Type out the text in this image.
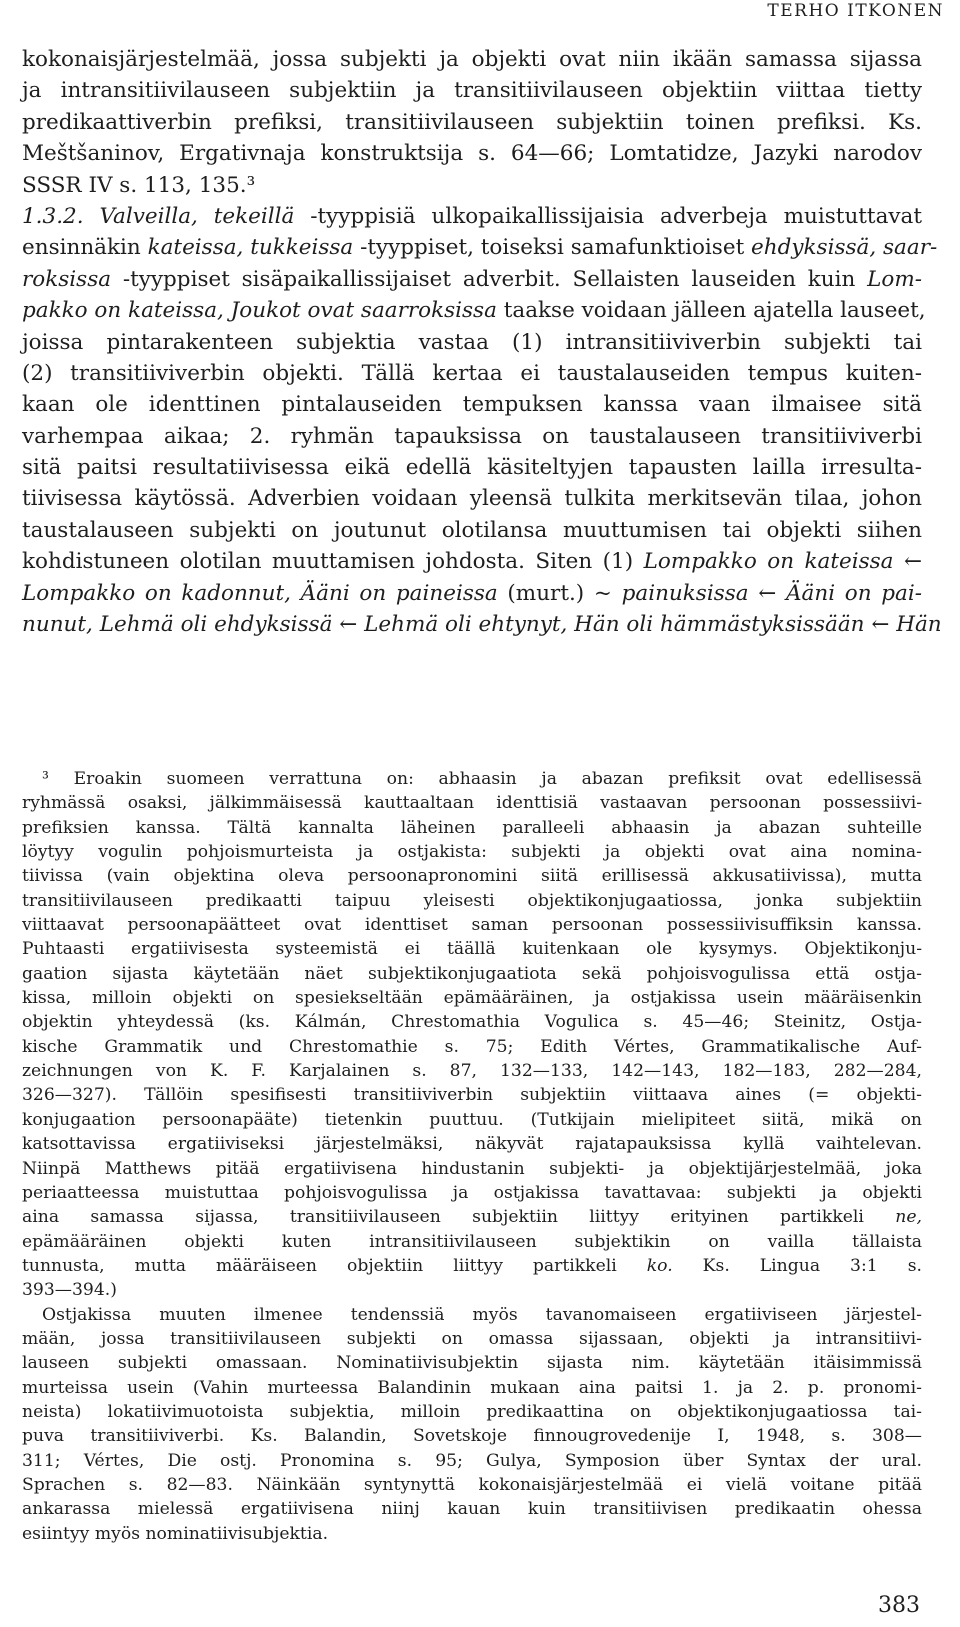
TERHO ITKONEN
kokonaisjärjestelmää, jossa subjekti ja objekti ovat niin ikään samassa sijassa
ja intransitiivilauseen subjektiin ja transitiivilauseen objektiin viittaa tietty
predikaattiverbin prefiksi, transitiivilauseen subjektiin toinen prefiksi. Ks.
Meštšaninov, Ergativnaja konstruktsija s. 64—66; Lomtatidze, Jazyki narodov
SSSR IV s. 113, 135.³
1.3.2. Valveilla, tekeillä -tyyppisiä ulkopaikallissijaisia adverbeja muistuttavat
ensinnäkin kateissa, tukkeissa -tyyppiset, toiseksi samafunktioiset ehdyksissä, saar-
roksissa -tyyppiset sisäpaikallissijaiset adverbit. Sellaisten lauseiden kuin Lom-
pakko on kateissa, Joukot ovat saarroksissa taakse voidaan jälleen ajatella lauseet,
joissa pintarakenteen subjektia vastaa (1) intransitiiviverbin subjekti tai
(2) transitiiviverbin objekti. Tällä kertaa ei taustalauseiden tempus kuiten-
kaan ole identtinen pintalauseiden tempuksen kanssa vaan ilmaisee sitä
varhempaa aikaa; 2. ryhmän tapauksissa on taustalauseen transitiiviverbi
sitä paitsi resultatiivisessa eikä edellä käsiteltyjen tapausten lailla irresulta-
tiivisessa käytössä. Adverbien voidaan yleensä tulkita merkitsevän tilaa, johon
taustalauseen subjekti on joutunut olotilansa muuttumisen tai objekti siihen
kohdistuneen olotilan muuttamisen johdosta. Siten (1) Lompakko on kateissa ←
Lompakko on kadonnut, Ääni on paineissa (murt.) ~ painuksissa ← Ääni on pai-
nunut, Lehmä oli ehdyksissä ← Lehmä oli ehtynyt, Hän oli hämmästyksissään ← Hän
³ Eroakin suomeen verrattuna on: abhaasin ja abazan prefiksit ovat edellisessä
ryhmässä osaksi, jälkimmäisessä kauttaaltaan identtisiä vastaavan persoonan possessiivi-
prefiksien kanssa. Tältä kannalta läheinen paralleeli abhaasin ja abazan suhteille
löytyy vogulin pohjoismurteista ja ostjakista: subjekti ja objekti ovat aina nomina-
tiivissa (vain objektina oleva persoonapronomini siitä erillisessä akkusatiivissa), mutta
transitiivilauseen predikaatti taipuu yleisesti objektikonjugaatiossa, jonka subjektiin
viittaavat persoonapäätteet ovat identtiset saman persoonan possessiivisuffiksin kanssa.
Puhtaasti ergatiivisesta systeemistä ei täällä kuitenkaan ole kysymys. Objektikonju-
gaation sijasta käytetään näet subjektikonjugaatiota sekä pohjoisvogulissa että ostja-
kissa, milloin objekti on spesiekseltään epämääräinen, ja ostjakissa usein määräisenkin
objektin yhteydessä (ks. Kálmán, Chrestomathia Vogulica s. 45—46; Steinitz, Ostja-
kische Grammatik und Chrestomathie s. 75; Edith Vértes, Grammatikalische Auf-
zeichnungen von K. F. Karjalainen s. 87, 132—133, 142—143, 182—183, 282—284,
326—327). Tällöin spesifisesti transitiiviverbin subjektiin viittaava aines (= objekti-
konjugaation persoonapääte) tietenkin puuttuu. (Tutkijain mielipiteet siitä, mikä on
katsottavissa ergatiiviseksi järjestelmäksi, näkyvät rajatapauksissa kyllä vaihtelevan.
Niinpä Matthews pitää ergatiivisena hindustanin subjekti- ja objektijärjestelmää, joka
periaatteessa muistuttaa pohjoisvogulissa ja ostjakissa tavattavaa: subjekti ja objekti
aina samassa sijassa, transitiivilauseen subjektiin liittyy erityinen partikkeli ne,
epämääräinen objekti kuten intransitiivilauseen subjektikin on vailla tällaista
tunnusta, mutta määräiseen objektiin liittyy partikkeli ko. Ks. Lingua 3:1 s.
393—394.)
Ostjakissa muuten ilmenee tendenssiä myös tavanomaiseen ergatiiviseen järjestel-
mään, jossa transitiivilauseen subjekti on omassa sijassaan, objekti ja intransitiivi-
lauseen subjekti omassaan. Nominatiivisubjektin sijasta nim. käytetään itäisimmissä
murteissa usein (Vahin murteessa Balandinin mukaan aina paitsi 1. ja 2. p. pronomi-
neista) lokatiivimuotoista subjektia, milloin predikaattina on objektikonjugaatiossa tai-
puva transitiiviverbi. Ks. Balandin, Sovetskoje finnougrovedenije I, 1948, s. 308—
311; Vértes, Die ostj. Pronomina s. 95; Gulya, Symposion über Syntax der ural.
Sprachen s. 82—83. Näinkään syntynyttä kokonaisjärjestelmää ei vielä voitane pitää
ankarassa mielessä ergatiivisena niinj kauan kuin transitiivisen predikaatin ohessa
esiintyy myös nominatiivisubjektia.
383
